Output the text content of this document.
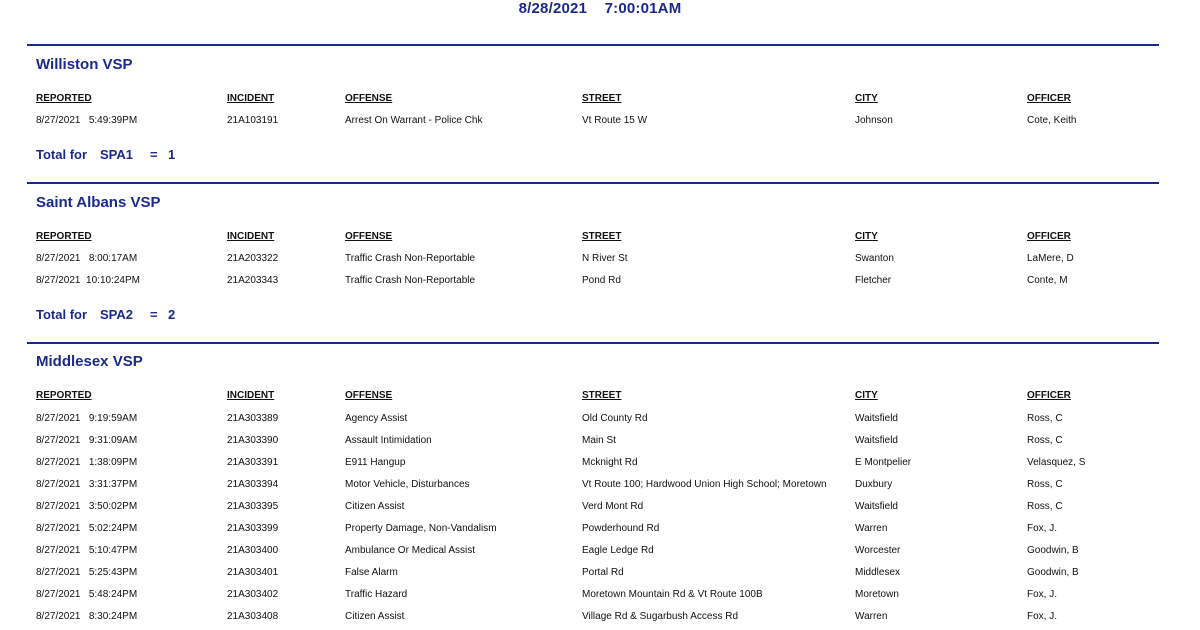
8/28/2021    7:00:01AM
Williston VSP
REPORTED	INCIDENT	OFFENSE	STREET	CITY	OFFICER
8/27/2021   5:49:39PM	21A103191	Arrest On Warrant - Police Chk	Vt Route 15 W	Johnson	Cote, Keith

Total for

SPA1

=

1

Saint Albans VSP
REPORTED	INCIDENT	OFFENSE	STREET	CITY	OFFICER
8/27/2021   8:00:17AM	21A203322	Traffic Crash Non-Reportable	N River St	Swanton	LaMere, D
8/27/2021  10:10:24PM	21A203343	Traffic Crash Non-Reportable	Pond Rd	Fletcher	Conte, M

Total for

SPA2

=

2

Middlesex VSP
REPORTED	INCIDENT	OFFENSE	STREET	CITY	OFFICER
8/27/2021   9:19:59AM	21A303389	Agency Assist	Old County Rd	Waitsfield	Ross, C
8/27/2021   9:31:09AM	21A303390	Assault Intimidation	Main St	Waitsfield	Ross, C
8/27/2021   1:38:09PM	21A303391	E911 Hangup	Mcknight Rd	E Montpelier	Velasquez, S
8/27/2021   3:31:37PM	21A303394	Motor Vehicle, Disturbances	Vt Route 100; Hardwood Union High School; Moretown	Duxbury	Ross, C
8/27/2021   3:50:02PM	21A303395	Citizen Assist	Verd Mont Rd	Waitsfield	Ross, C
8/27/2021   5:02:24PM	21A303399	Property Damage, Non-Vandalism	Powderhound Rd	Warren	Fox, J.
8/27/2021   5:10:47PM	21A303400	Ambulance Or Medical Assist	Eagle Ledge Rd	Worcester	Goodwin, B
8/27/2021   5:25:43PM	21A303401	False Alarm	Portal Rd	Middlesex	Goodwin, B
8/27/2021   5:48:24PM	21A303402	Traffic Hazard	Moretown Mountain Rd & Vt Route 100B	Moretown	Fox, J.
8/27/2021   8:30:24PM	21A303408	Citizen Assist	Village Rd & Sugarbush Access Rd	Warren	Fox, J.
